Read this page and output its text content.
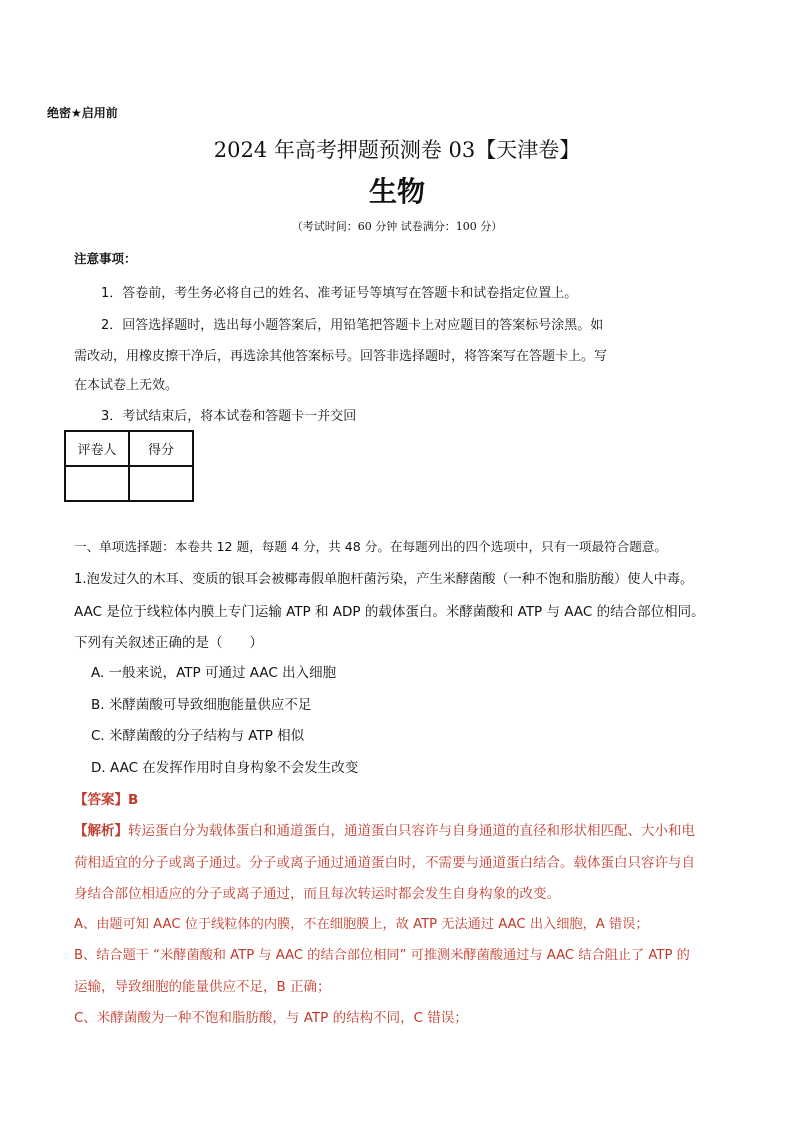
绝密★启用前
2024 年高考押题预测卷 03【天津卷】
生物
（考试时间：60 分钟 试卷满分：100 分）
注意事项：
1．答卷前，考生务必将自己的姓名、准考证号等填写在答题卡和试卷指定位置上。
2．回答选择题时，选出每小题答案后，用铅笔把答题卡上对应题目的答案标号涂黑。如
需改动，用橡皮擦干净后，再选涂其他答案标号。回答非选择题时，将答案写在答题卡上。写
在本试卷上无效。
3．考试结束后，将本试卷和答题卡一并交回
评卷人	得分

一、单项选择题：本卷共 12 题，每题 4 分，共 48 分。在每题列出的四个选项中，只有一项最符合题意。
1.泡发过久的木耳、变质的银耳会被椰毒假单胞杆菌污染，产生米酵菌酸（一种不饱和脂肪酸）使人中毒。
AAC 是位于线粒体内膜上专门运输 ATP 和 ADP 的载体蛋白。米酵菌酸和 ATP 与 AAC 的结合部位相同。
下列有关叙述正确的是（　　）
A. 一般来说，ATP 可通过 AAC 出入细胞
B. 米酵菌酸可导致细胞能量供应不足
C. 米酵菌酸的分子结构与 ATP 相似
D. AAC 在发挥作用时自身构象不会发生改变
【答案】B
【解析】转运蛋白分为载体蛋白和通道蛋白，通道蛋白只容许与自身通道的直径和形状相匹配、大小和电
荷相适宜的分子或离子通过。分子或离子通过通道蛋白时，不需要与通道蛋白结合。载体蛋白只容许与自
身结合部位相适应的分子或离子通过，而且每次转运时都会发生自身构象的改变。
A、由题可知 AAC 位于线粒体的内膜，不在细胞膜上，故 ATP 无法通过 AAC 出入细胞，A 错误；
B、结合题干 “米酵菌酸和 ATP 与 AAC 的结合部位相同” 可推测米酵菌酸通过与 AAC 结合阻止了 ATP 的
运输，导致细胞的能量供应不足，B 正确；
C、米酵菌酸为一种不饱和脂肪酸，与 ATP 的结构不同，C 错误；
